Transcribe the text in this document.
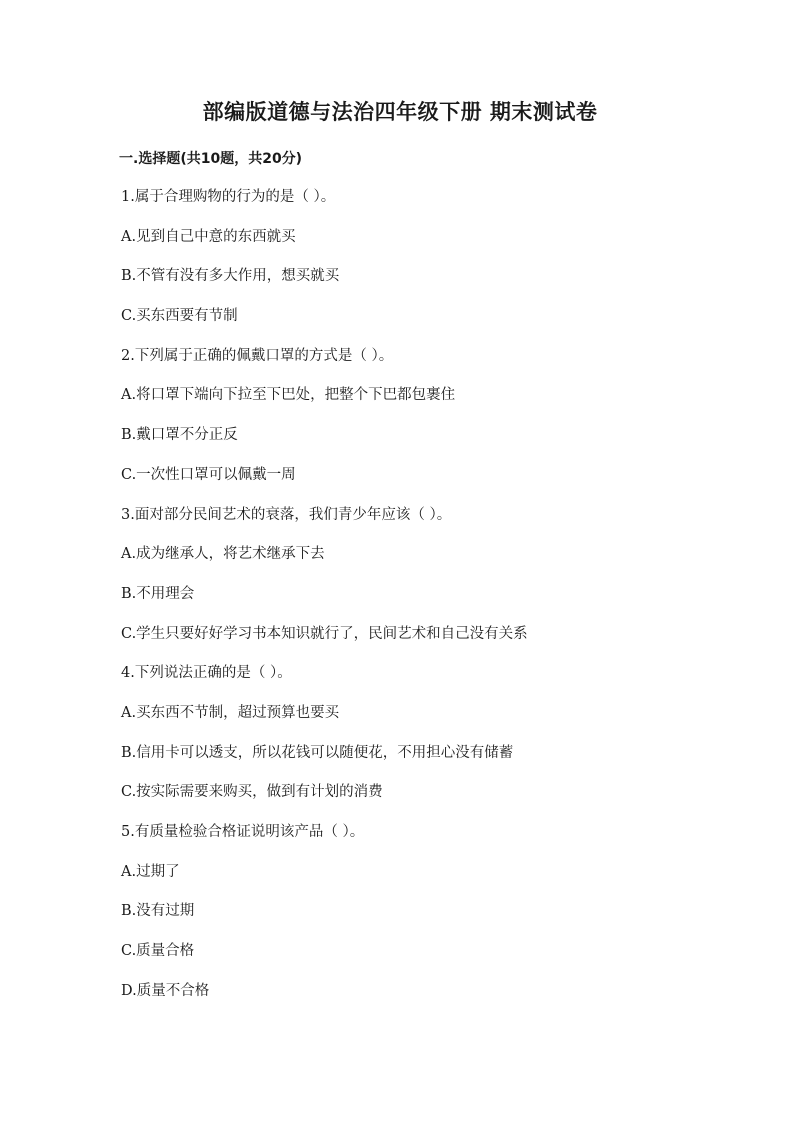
部编版道德与法治四年级下册 期末测试卷
一.选择题(共10题，共20分)
1.属于合理购物的行为的是（ ）。
A.见到自己中意的东西就买
B.不管有没有多大作用，想买就买
C.买东西要有节制
2.下列属于正确的佩戴口罩的方式是（ ）。
A.将口罩下端向下拉至下巴处，把整个下巴都包裹住
B.戴口罩不分正反
C.一次性口罩可以佩戴一周
3.面对部分民间艺术的衰落，我们青少年应该（ ）。
A.成为继承人，将艺术继承下去
B.不用理会
C.学生只要好好学习书本知识就行了，民间艺术和自己没有关系
4.下列说法正确的是（ ）。
A.买东西不节制，超过预算也要买
B.信用卡可以透支，所以花钱可以随便花，不用担心没有储蓄
C.按实际需要来购买，做到有计划的消费
5.有质量检验合格证说明该产品（ ）。
A.过期了
B.没有过期
C.质量合格
D.质量不合格
